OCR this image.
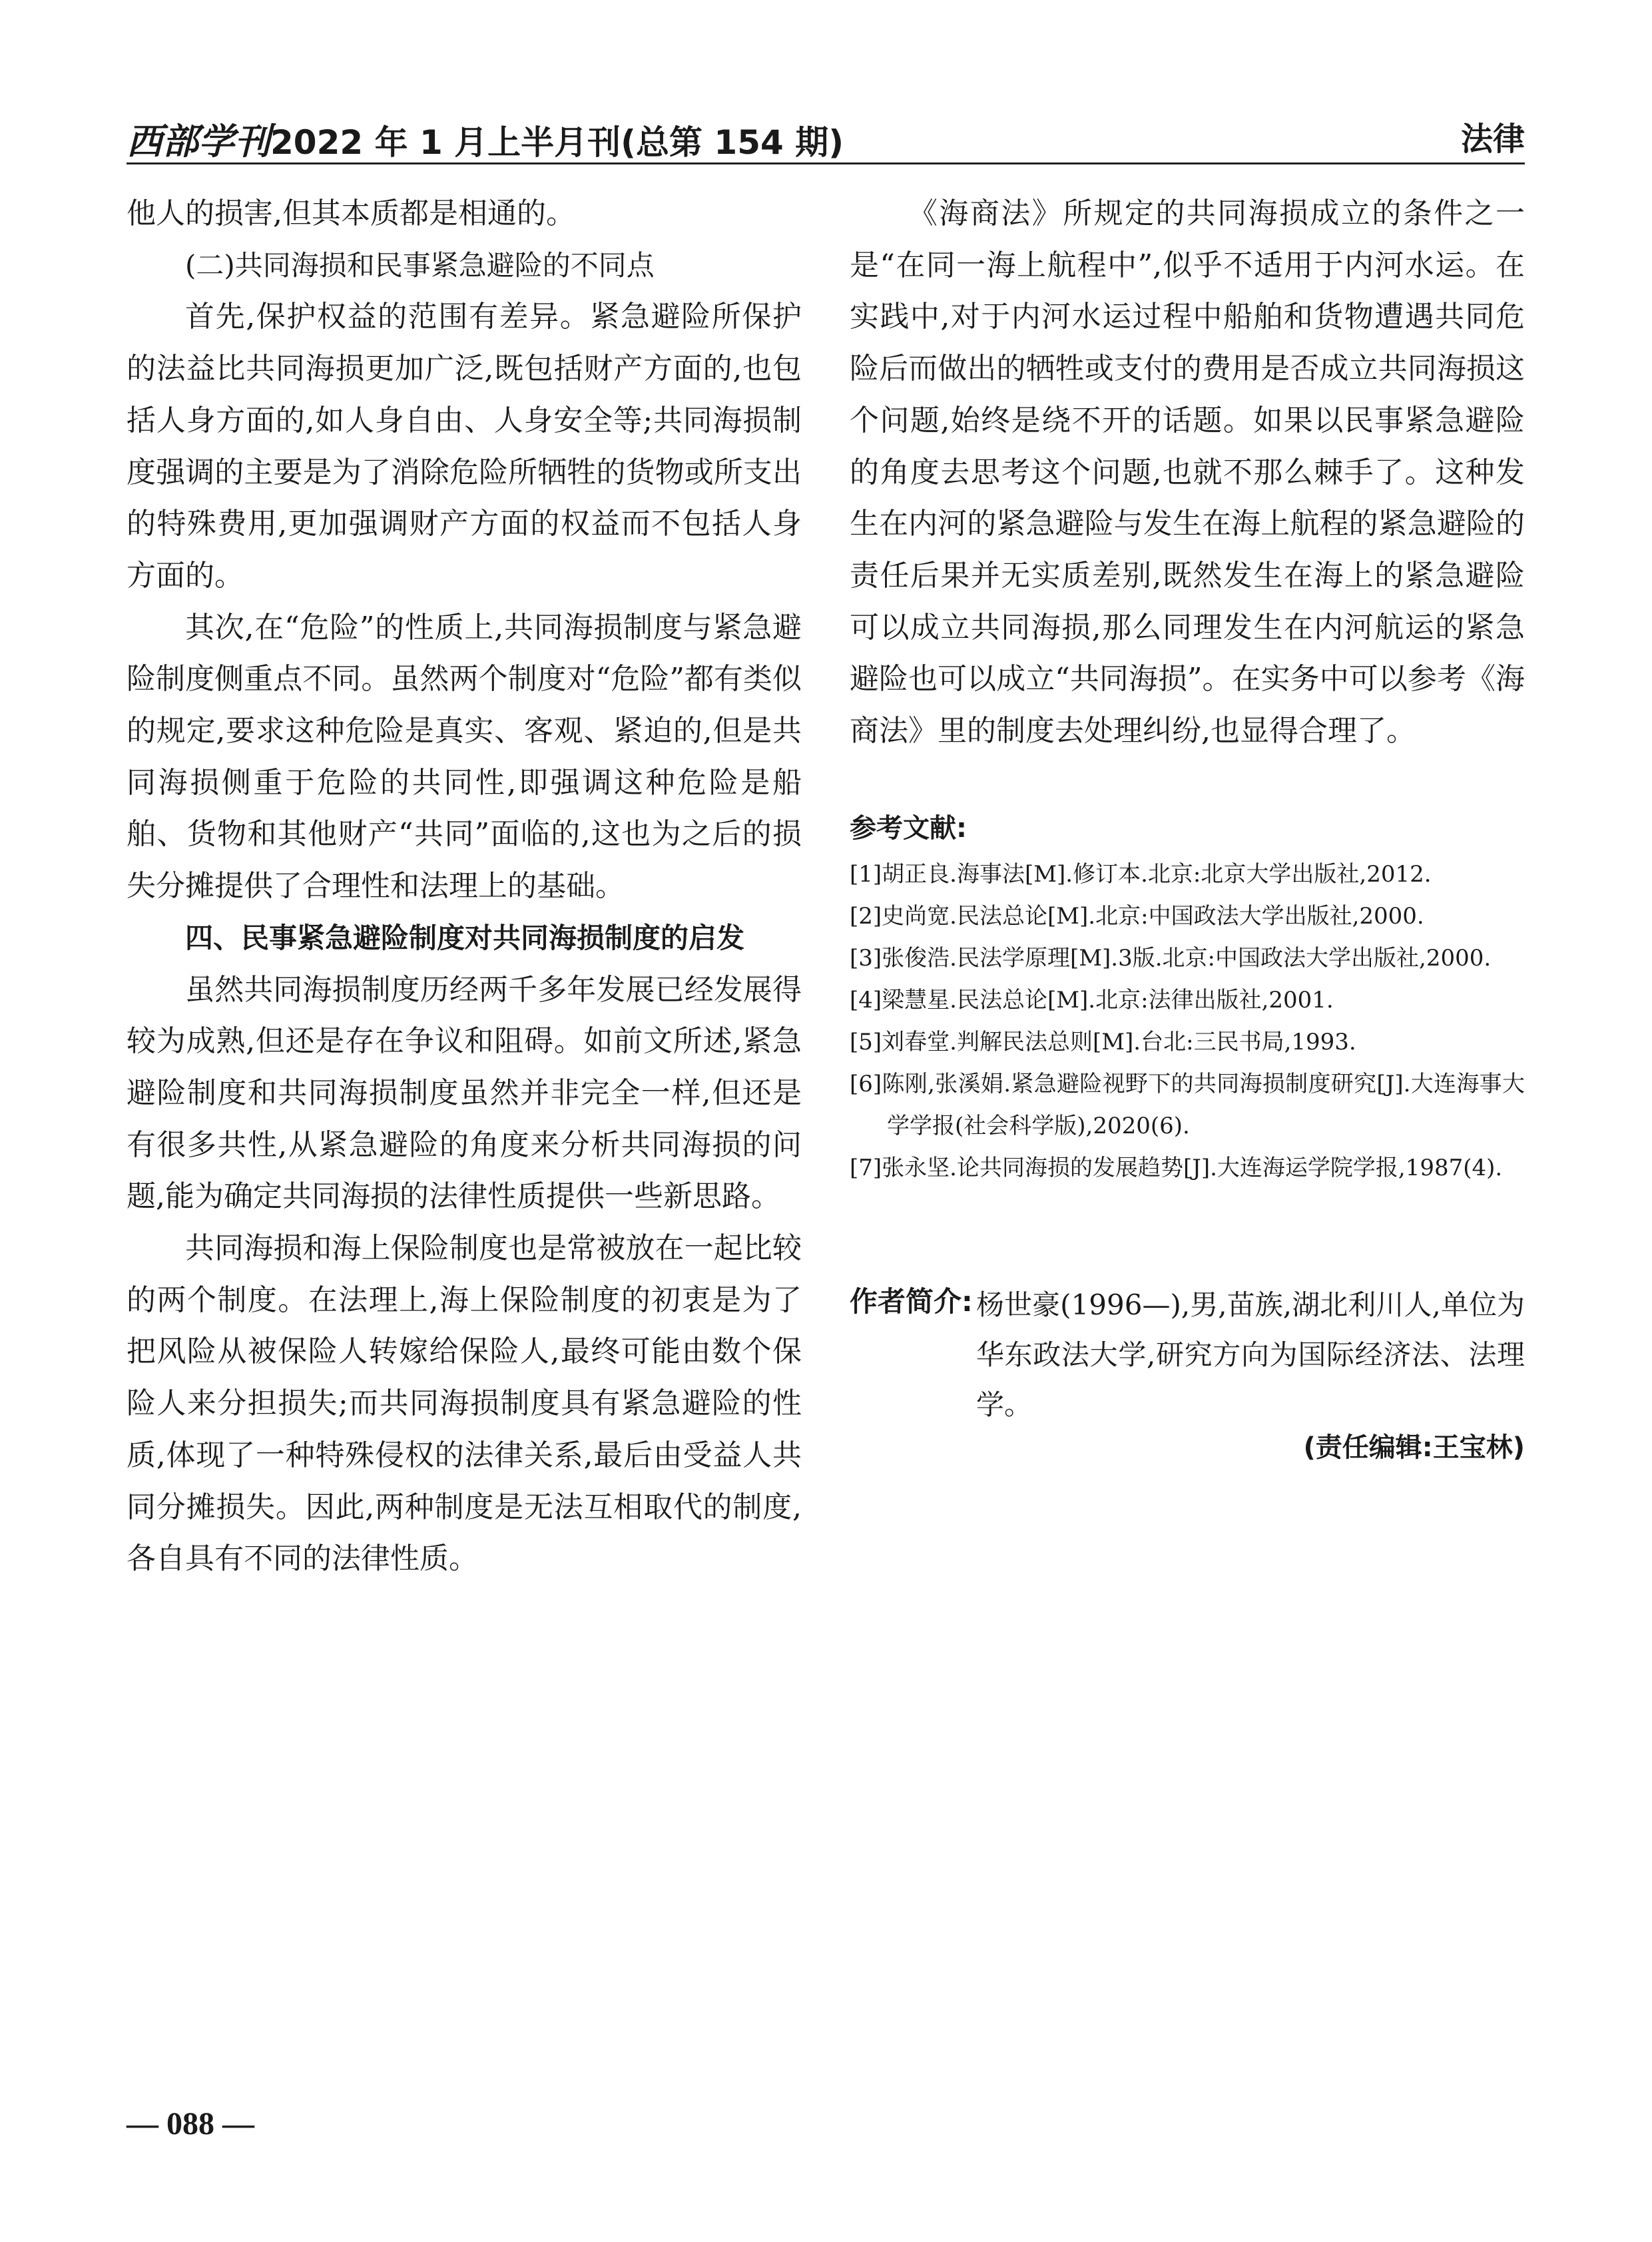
西部学刊2022 年 1 月上半月刊(总第 154 期)	法律

他人的损害,但其本质都是相通的。

(二)共同海损和民事紧急避险的不同点

首先,保护权益的范围有差异。紧急避险所保护的法益比共同海损更加广泛,既包括财产方面的,也包括人身方面的,如人身自由、人身安全等;共同海损制度强调的主要是为了消除危险所牺牲的货物或所支出的特殊费用,更加强调财产方面的权益而不包括人身方面的。

其次,在“危险”的性质上,共同海损制度与紧急避险制度侧重点不同。虽然两个制度对“危险”都有类似的规定,要求这种危险是真实、客观、紧迫的,但是共同海损侧重于危险的共同性,即强调这种危险是船舶、货物和其他财产“共同”面临的,这也为之后的损失分摊提供了合理性和法理上的基础。

四、民事紧急避险制度对共同海损制度的启发

虽然共同海损制度历经两千多年发展已经发展得较为成熟,但还是存在争议和阻碍。如前文所述,紧急避险制度和共同海损制度虽然并非完全一样,但还是有很多共性,从紧急避险的角度来分析共同海损的问题,能为确定共同海损的法律性质提供一些新思路。

共同海损和海上保险制度也是常被放在一起比较的两个制度。在法理上,海上保险制度的初衷是为了把风险从被保险人转嫁给保险人,最终可能由数个保险人来分担损失;而共同海损制度具有紧急避险的性质,体现了一种特殊侵权的法律关系,最后由受益人共同分摊损失。因此,两种制度是无法互相取代的制度,各自具有不同的法律性质。

《海商法》所规定的共同海损成立的条件之一是“在同一海上航程中”,似乎不适用于内河水运。在实践中,对于内河水运过程中船舶和货物遭遇共同危险后而做出的牺牲或支付的费用是否成立共同海损这个问题,始终是绕不开的话题。如果以民事紧急避险的角度去思考这个问题,也就不那么棘手了。这种发生在内河的紧急避险与发生在海上航程的紧急避险的责任后果并无实质差别,既然发生在海上的紧急避险可以成立共同海损,那么同理发生在内河航运的紧急避险也可以成立“共同海损”。在实务中可以参考《海商法》里的制度去处理纠纷,也显得合理了。

参考文献:

[1]胡正良.海事法[M].修订本.北京:北京大学出版社,2012.

[2]史尚宽.民法总论[M].北京:中国政法大学出版社,2000.

[3]张俊浩.民法学原理[M].3版.北京:中国政法大学出版社,2000.

[4]梁慧星.民法总论[M].北京:法律出版社,2001.

[5]刘春堂.判解民法总则[M].台北:三民书局,1993.

[6]陈刚,张溪娟.紧急避险视野下的共同海损制度研究[J].大连海事大学学报(社会科学版),2020(6).

[7]张永坚.论共同海损的发展趋势[J].大连海运学院学报,1987(4).

作者简介: 杨世豪(1996—),男,苗族,湖北利川人,单位为华东政法大学,研究方向为国际经济法、法理学。

(责任编辑:王宝林)
— 088 —
